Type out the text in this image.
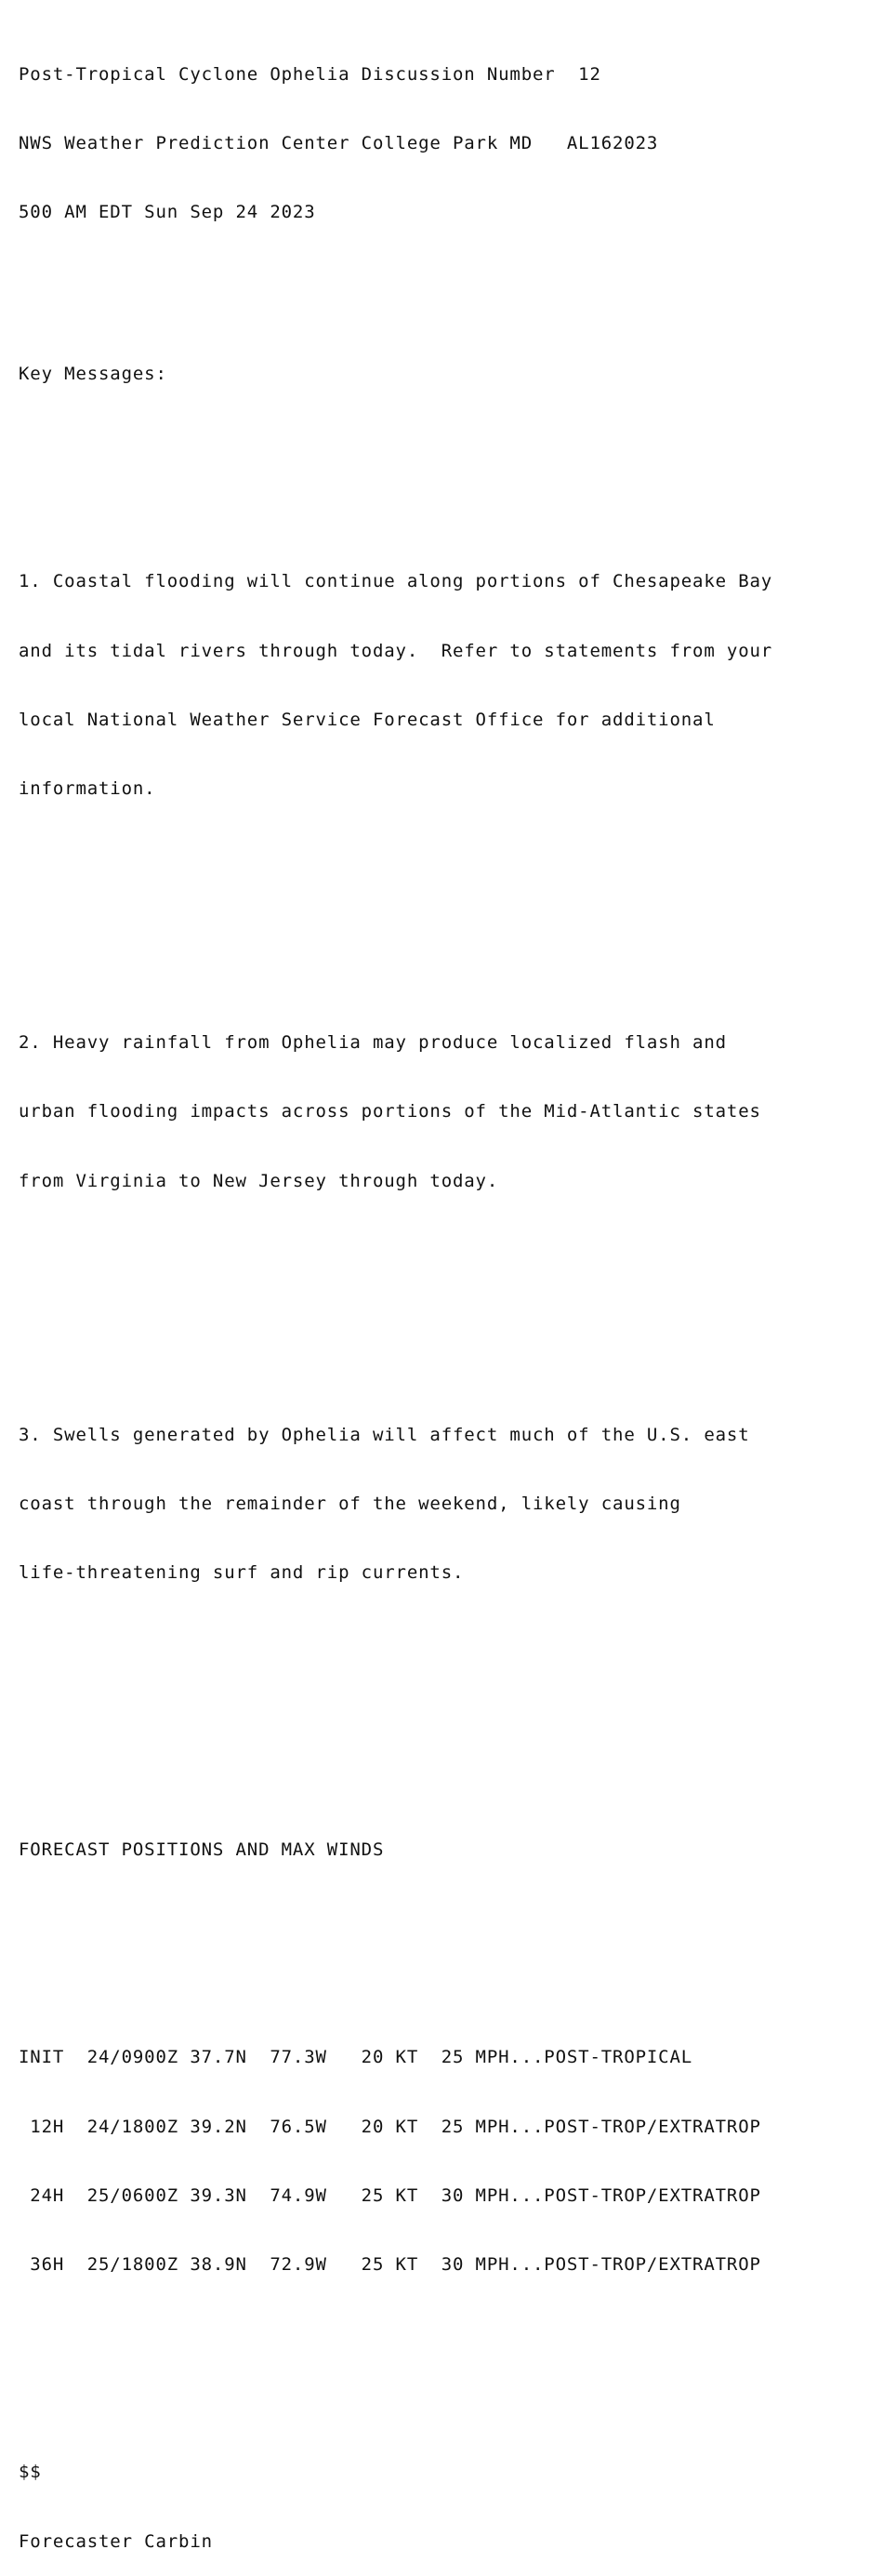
Post-Tropical Cyclone Ophelia Discussion Number  12

NWS Weather Prediction Center College Park MD   AL162023

500 AM EDT Sun Sep 24 2023

Key Messages:

1. Coastal flooding will continue along portions of Chesapeake Bay

and its tidal rivers through today.  Refer to statements from your

local National Weather Service Forecast Office for additional

information.

2. Heavy rainfall from Ophelia may produce localized flash and

urban flooding impacts across portions of the Mid-Atlantic states

from Virginia to New Jersey through today.

3. Swells generated by Ophelia will affect much of the U.S. east

coast through the remainder of the weekend, likely causing

life-threatening surf and rip currents.

FORECAST POSITIONS AND MAX WINDS

INIT  24/0900Z 37.7N  77.3W   20 KT  25 MPH...POST-TROPICAL

12H  24/1800Z 39.2N  76.5W   20 KT  25 MPH...POST-TROP/EXTRATROP

24H  25/0600Z 39.3N  74.9W   25 KT  30 MPH...POST-TROP/EXTRATROP

36H  25/1800Z 38.9N  72.9W   25 KT  30 MPH...POST-TROP/EXTRATROP

$$

Forecaster Carbin
